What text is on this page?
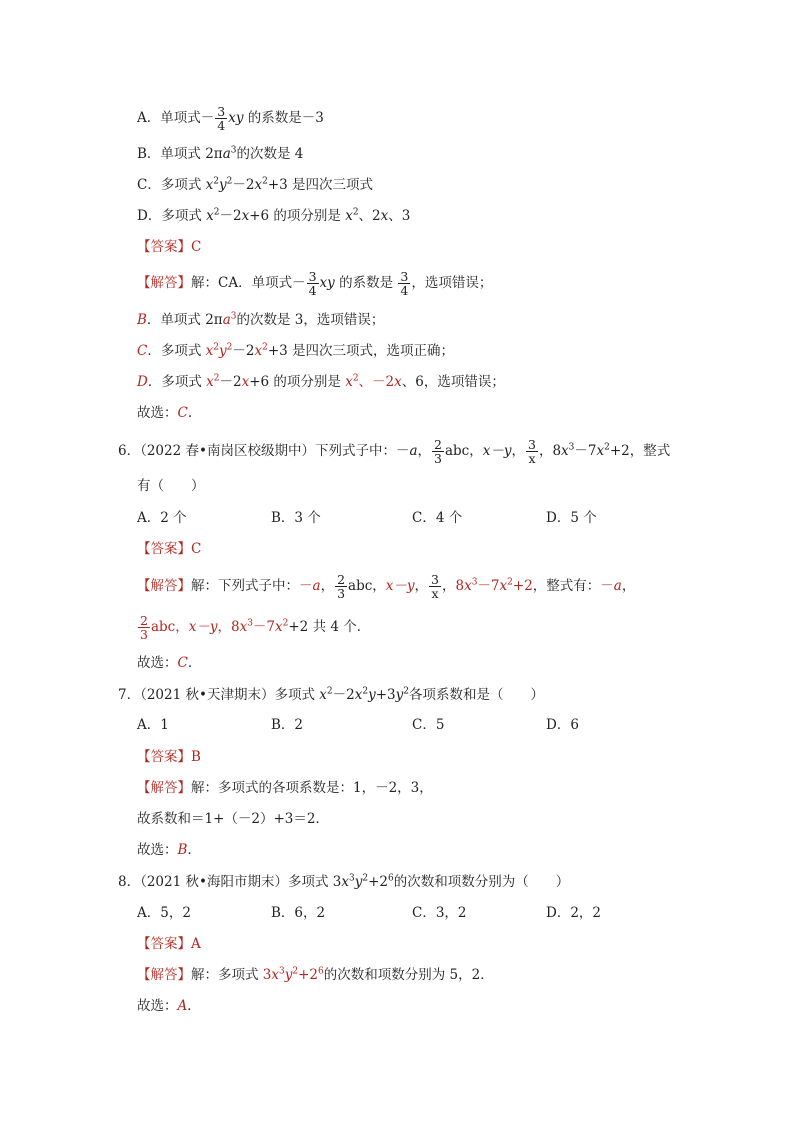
A．单项式－ $\frac{3}{4}$ xy 的系数是－3
B．单项式 $2\pi a^3$的次数是 4
C．多项式 $x^2y^2-2x^2+3$ 是四次三项式
D．多项式 $x^2-2x+6$ 的项分别是 $x^2$、2x、3
【答案】C
【解答】解：CA．单项式－ $\frac{3}{4}$ xy 的系数是 $\frac{3}{4}$ ，选项错误；
B．单项式 $2\pi a^3$的次数是 3，选项错误；
C．多项式 $x^2y^2-2x^2+3$ 是四次三项式，选项正确；
D．多项式 $x^2-2x+6$ 的项分别是 $x^2$、－2x、6，选项错误；
故选：C．
6．（2022 春•南岗区校级期中）下列式子中：－a， $\frac{2}{3}$ abc，x－y， $\frac{3}{x}$ ，$8x^3-7x^2+2$，整式
有（　　）
A．2 个	B．3 个	C．4 个	D．5 个
【答案】C
【解答】解：下列式子中：－a， $\frac{2}{3}$ abc，x－y， $\frac{3}{x}$ ，$8x^3-7x^2+2$，整式有：－a，
$\frac{2}{3}$ abc，x－y，$8x^3-7x^2+2$ 共 4 个．
故选：C．
7．（2021 秋•天津期末）多项式 $x^2-2x^2y+3y^2$各项系数和是（　　）
A．1	B．2	C．5	D．6
【答案】B
【解答】解：多项式的各项系数是：1，－2，3，
故系数和＝1+（－2）+3＝2．
故选：B．
8．（2021 秋•海阳市期末）多项式 $3x^3y^2+2^6$的次数和项数分别为（　　）
A．5，2	B．6，2	C．3，2	D．2，2
【答案】A
【解答】解：多项式 $3x^3y^2+2^6$的次数和项数分别为 5，2．
故选：A．
